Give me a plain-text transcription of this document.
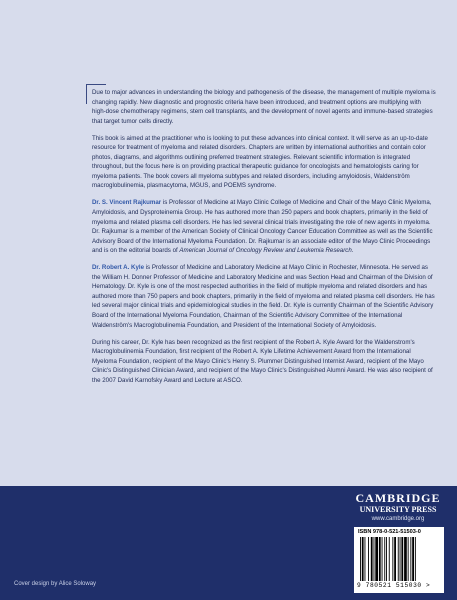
Due to major advances in understanding the biology and pathogenesis of the disease, the management of multiple myeloma is changing rapidly. New diagnostic and prognostic criteria have been introduced, and treatment options are multiplying with high-dose chemotherapy regimens, stem cell transplants, and the development of novel agents and immune-based strategies that target tumor cells directly.

This book is aimed at the practitioner who is looking to put these advances into clinical context. It will serve as an up-to-date resource for treatment of myeloma and related disorders. Chapters are written by international authorities and contain color photos, diagrams, and algorithms outlining preferred treatment strategies. Relevant scientific information is integrated throughout, but the focus here is on providing practical therapeutic guidance for oncologists and hematologists caring for myeloma patients. The book covers all myeloma subtypes and related disorders, including amyloidosis, Waldenström macroglobulinemia, plasmacytoma, MGUS, and POEMS syndrome.

Dr. S. Vincent Rajkumar is Professor of Medicine at Mayo Clinic College of Medicine and Chair of the Mayo Clinic Myeloma, Amyloidosis, and Dysproteinemia Group. He has authored more than 250 papers and book chapters, primarily in the field of myeloma and related plasma cell disorders. He has led several clinical trials investigating the role of new agents in myeloma. Dr. Rajkumar is a member of the American Society of Clinical Oncology Cancer Education Committee as well as the Scientific Advisory Board of the International Myeloma Foundation. Dr. Rajkumar is an associate editor of the Mayo Clinic Proceedings and is on the editorial boards of American Journal of Oncology Review and Leukemia Research.

Dr. Robert A. Kyle is Professor of Medicine and Laboratory Medicine at Mayo Clinic in Rochester, Minnesota. He served as the William H. Donner Professor of Medicine and Laboratory Medicine and was Section Head and Chairman of the Division of Hematology. Dr. Kyle is one of the most respected authorities in the field of multiple myeloma and related disorders and has authored more than 750 papers and book chapters, primarily in the field of myeloma and related plasma cell disorders. He has led several major clinical trials and epidemiological studies in the field. Dr. Kyle is currently Chairman of the Scientific Advisory Board of the International Myeloma Foundation, Chairman of the Scientific Advisory Committee of the International Waldenström's Macroglobulinemia Foundation, and President of the International Society of Amyloidosis.

During his career, Dr. Kyle has been recognized as the first recipient of the Robert A. Kyle Award for the Waldenstrom's Macroglobulinemia Foundation, first recipient of the Robert A. Kyle Lifetime Achievement Award from the International Myeloma Foundation, recipient of the Mayo Clinic's Henry S. Plummer Distinguished Internist Award, recipient of the Mayo Clinic's Distinguished Clinician Award, and recipient of the Mayo Clinic's Distinguished Alumni Award. He was also recipient of the 2007 David Karnofsky Award and Lecture at ASCO.

CAMBRIDGE
UNIVERSITY PRESS
www.cambridge.org
ISBN 978-0-521-51503-0
9 780521 515030 >
Cover design by Alice Soloway
